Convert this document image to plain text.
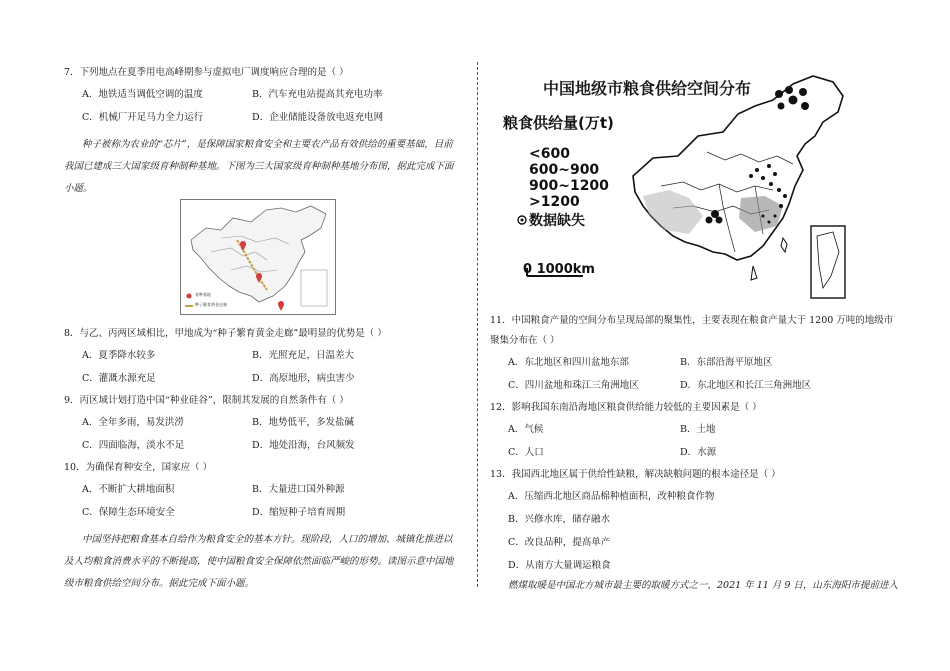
7．下列地点在夏季用电高峰期参与虚拟电厂调度响应合理的是（ ）

A．地铁适当调低空调的温度	B．汽车充电站提高其充电功率
C．机械厂开足马力全力运行	D．企业储能设备放电返充电网

种子被称为农业的“芯片”，是保障国家粮食安全和主要农产品有效供给的重要基础，目前

我国已建成三大国家级育种制种基地。下图为三大国家级育种制种基地分布图，据此完成下面

小题。

育种基地
种子繁育黄金走廊

8．与乙、丙两区域相比，甲地成为“种子繁育黄金走廊”最明显的优势是（ ）

A．夏季降水较多	B．光照充足，日温差大
C．灌溉水源充足	D．高原地形，病虫害少

9．丙区域计划打造中国“种业硅谷”，限制其发展的自然条件有（ ）

A．全年多雨，易发洪涝	B．地势低平，多发盐碱
C．四面临海，淡水不足	D．地处沿海，台风频发

10．为确保育种安全，国家应（ ）

A．不断扩大耕地面积	B．大量进口国外种源
C．保障生态环境安全	D．缩短种子培育周期

中国坚持把粮食基本自给作为粮食安全的基本方针。现阶段，人口的增加、城镇化推进以

及人均粮食消费水平的不断提高，使中国粮食安全保障依然面临严峻的形势。读图示意中国地

级市粮食供给空间分布。据此完成下面小题。

中国地级市粮食供给空间分布
粮食供给量(万t)
<600
600~900
900~1200
>1200
数据缺失
0 1000km

11．中国粮食产量的空间分布呈现局部的聚集性，主要表现在粮食产量大于 1200 万吨的地级市

聚集分布在（ ）

A．东北地区和四川盆地东部	B．东部沿海平原地区
C．四川盆地和珠江三角洲地区	D．东北地区和长江三角洲地区

12．影响我国东南沿海地区粮食供给能力较低的主要因素是（ ）

A．气候	B．土地
C．人口	D．水源

13．我国西北地区属于供给性缺粮，解决缺粮问题的根本途径是（ ）

A．压缩西北地区商品棉种植面积，改种粮食作物
B．兴修水库，储存融水
C．改良品种，提高单产
D．从南方大量调运粮食

燃煤取暖是中国北方城市最主要的取暖方式之一，2021 年 11 月 9 日，山东海阳市提前进入
